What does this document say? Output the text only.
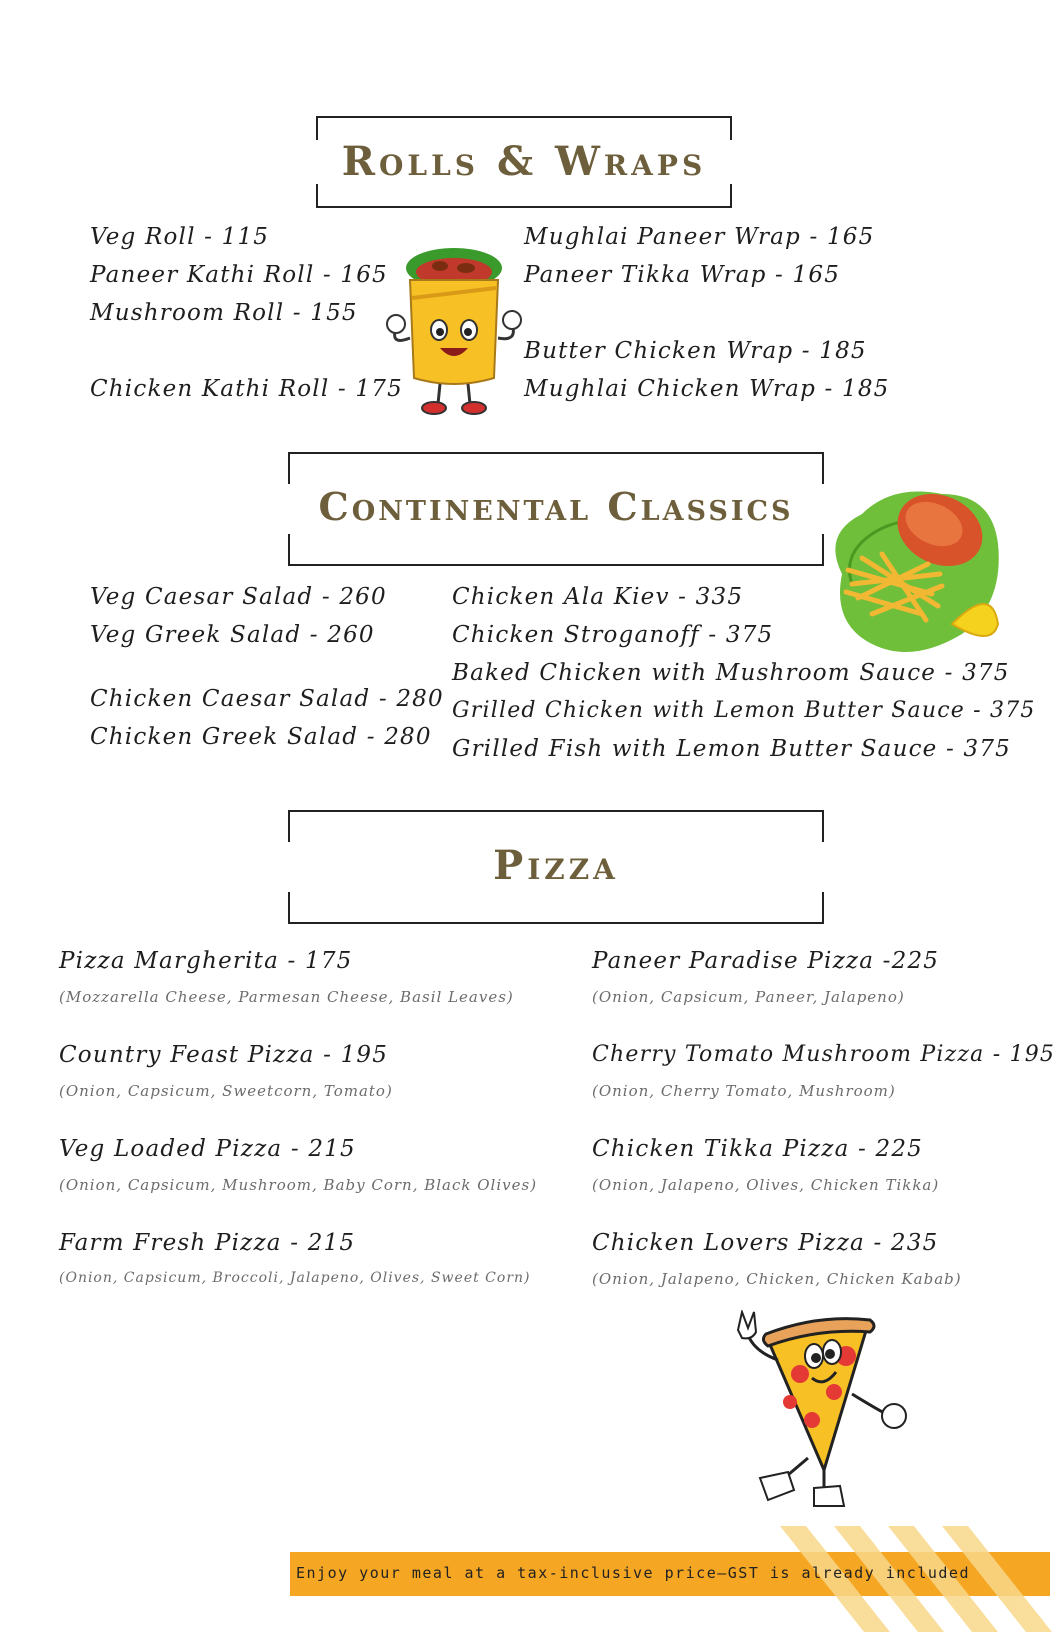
Rolls & Wraps
Veg Roll - 115
Paneer Kathi Roll - 165
Mushroom Roll - 155
Chicken Kathi Roll - 175
Mughlai Paneer Wrap - 165
Paneer Tikka Wrap - 165
Butter Chicken Wrap - 185
Mughlai Chicken Wrap - 185
Continental Classics
Veg Caesar Salad - 260
Veg Greek Salad - 260
Chicken Caesar Salad - 280
Chicken Greek Salad - 280
Chicken Ala Kiev - 335
Chicken Stroganoff - 375
Baked Chicken with Mushroom Sauce - 375
Grilled Chicken with Lemon Butter Sauce - 375
Grilled Fish with Lemon Butter Sauce - 375
Pizza
Pizza Margherita - 175
(Mozzarella Cheese, Parmesan Cheese, Basil Leaves)
Country Feast Pizza - 195
(Onion, Capsicum, Sweetcorn, Tomato)
Veg Loaded Pizza - 215
(Onion, Capsicum, Mushroom, Baby Corn, Black Olives)
Farm Fresh Pizza - 215
(Onion, Capsicum, Broccoli, Jalapeno, Olives, Sweet Corn)
Paneer Paradise Pizza -225
(Onion, Capsicum, Paneer, Jalapeno)
Cherry Tomato Mushroom Pizza - 195
(Onion, Cherry Tomato, Mushroom)
Chicken Tikka Pizza - 225
(Onion, Jalapeno, Olives, Chicken Tikka)
Chicken Lovers Pizza - 235
(Onion, Jalapeno, Chicken, Chicken Kabab)
Enjoy your meal at a tax-inclusive price—GST is already included
